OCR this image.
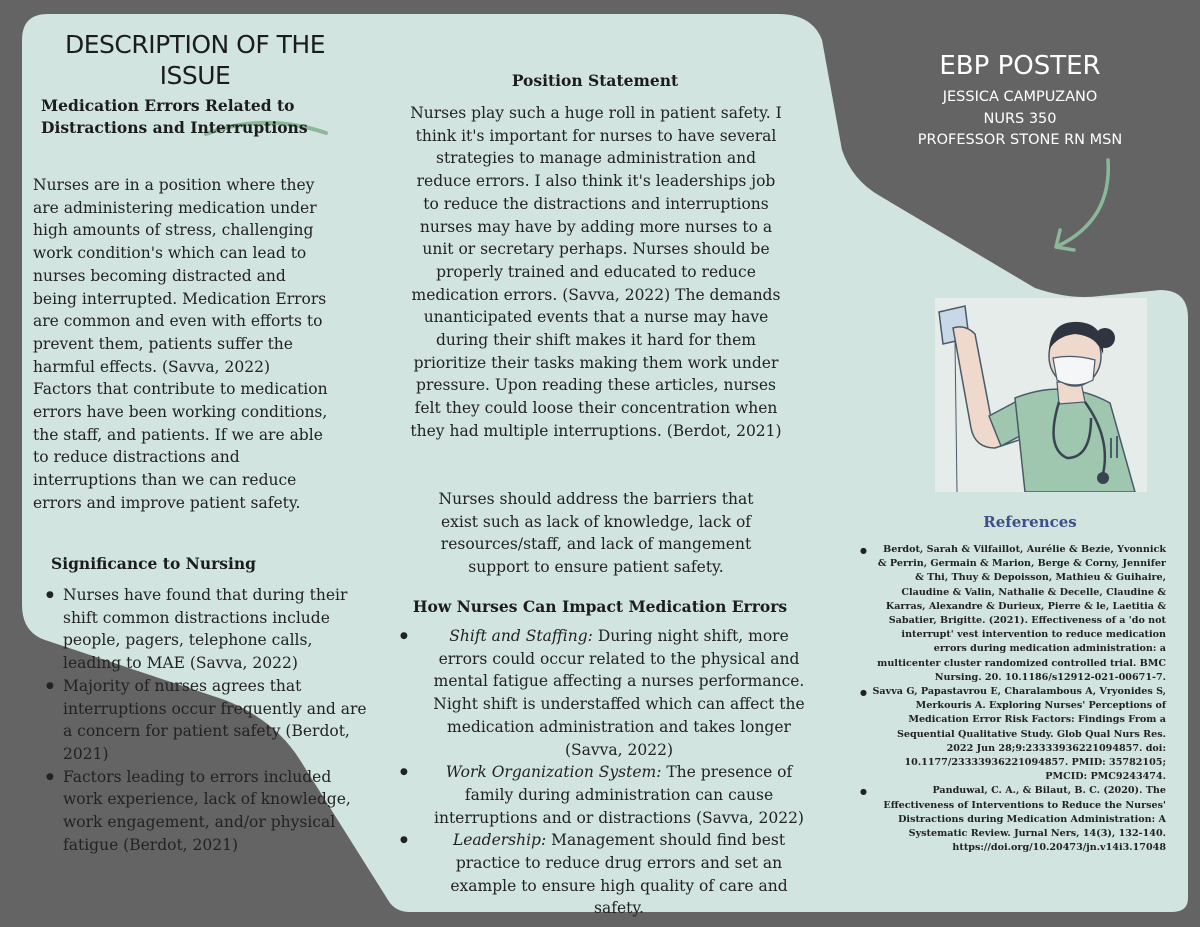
DESCRIPTION OF THE
ISSUE
Medication Errors Related to Distractions and Interruptions
Nurses are in a position where they are administering medication under high amounts of stress, challenging work condition's which can lead to nurses becoming distracted and being interrupted. Medication Errors are common and even with efforts to prevent them, patients suffer the harmful effects. (Savva, 2022) Factors that contribute to medication errors have been working conditions, the staff, and patients. If we are able to reduce distractions and interruptions than we can reduce errors and improve patient safety.
Significance to Nursing
● Nurses have found that during their shift common distractions include people, pagers, telephone calls, leading to MAE (Savva, 2022)
● Majority of nurses agrees that interruptions occur frequently and are a concern for patient safety (Berdot, 2021)
● Factors leading to errors included work experience, lack of knowledge, work engagement, and/or physical fatigue (Berdot, 2021)
Position Statement
Nurses play such a huge roll in patient safety. I think it's important for nurses to have several strategies to manage administration and reduce errors. I also think it's leaderships job to reduce the distractions and interruptions nurses may have by adding more nurses to a unit or secretary perhaps. Nurses should be properly trained and educated to reduce medication errors. (Savva, 2022) The demands unanticipated events that a nurse may have during their shift makes it hard for them prioritize their tasks making them work under pressure. Upon reading these articles, nurses felt they could loose their concentration when they had multiple interruptions. (Berdot, 2021)
Nurses should address the barriers that exist such as lack of knowledge, lack of resources/staff, and lack of mangement support to ensure patient safety.
How Nurses Can Impact Medication Errors
● Shift and Staffing: During night shift, more errors could occur related to the physical and mental fatigue affecting a nurses performance. Night shift is understaffed which can affect the medication administration and takes longer (Savva, 2022)
● Work Organization System: The presence of family during administration can cause interruptions and or distractions (Savva, 2022)
● Leadership: Management should find best practice to reduce drug errors and set an example to ensure high quality of care and safety.
EBP POSTER
JESSICA CAMPUZANO
NURS 350
PROFESSOR STONE RN MSN
References
● Berdot, Sarah & Vilfaillot, Aurélie & Bezie, Yvonnick & Perrin, Germain & Marion, Berge & Corny, Jennifer & Thi, Thuy & Depoisson, Mathieu & Guihaire, Claudine & Valin, Nathalie & Decelle, Claudine & Karras, Alexandre & Durieux, Pierre & le, Laetitia & Sabatier, Brigitte. (2021). Effectiveness of a 'do not interrupt' vest intervention to reduce medication errors during medication administration: a multicenter cluster randomized controlled trial. BMC Nursing. 20. 10.1186/s12912-021-00671-7.
● Savva G, Papastavrou E, Charalambous A, Vryonides S, Merkouris A. Exploring Nurses' Perceptions of Medication Error Risk Factors: Findings From a Sequential Qualitative Study. Glob Qual Nurs Res. 2022 Jun 28;9:23333936221094857. doi: 10.1177/23333936221094857. PMID: 35782105; PMCID: PMC9243474.
● Panduwal, C. A., & Bilaut, B. C. (2020). The Effectiveness of Interventions to Reduce the Nurses' Distractions during Medication Administration: A Systematic Review. Jurnal Ners, 14(3), 132-140. https://doi.org/10.20473/jn.v14i3.17048
